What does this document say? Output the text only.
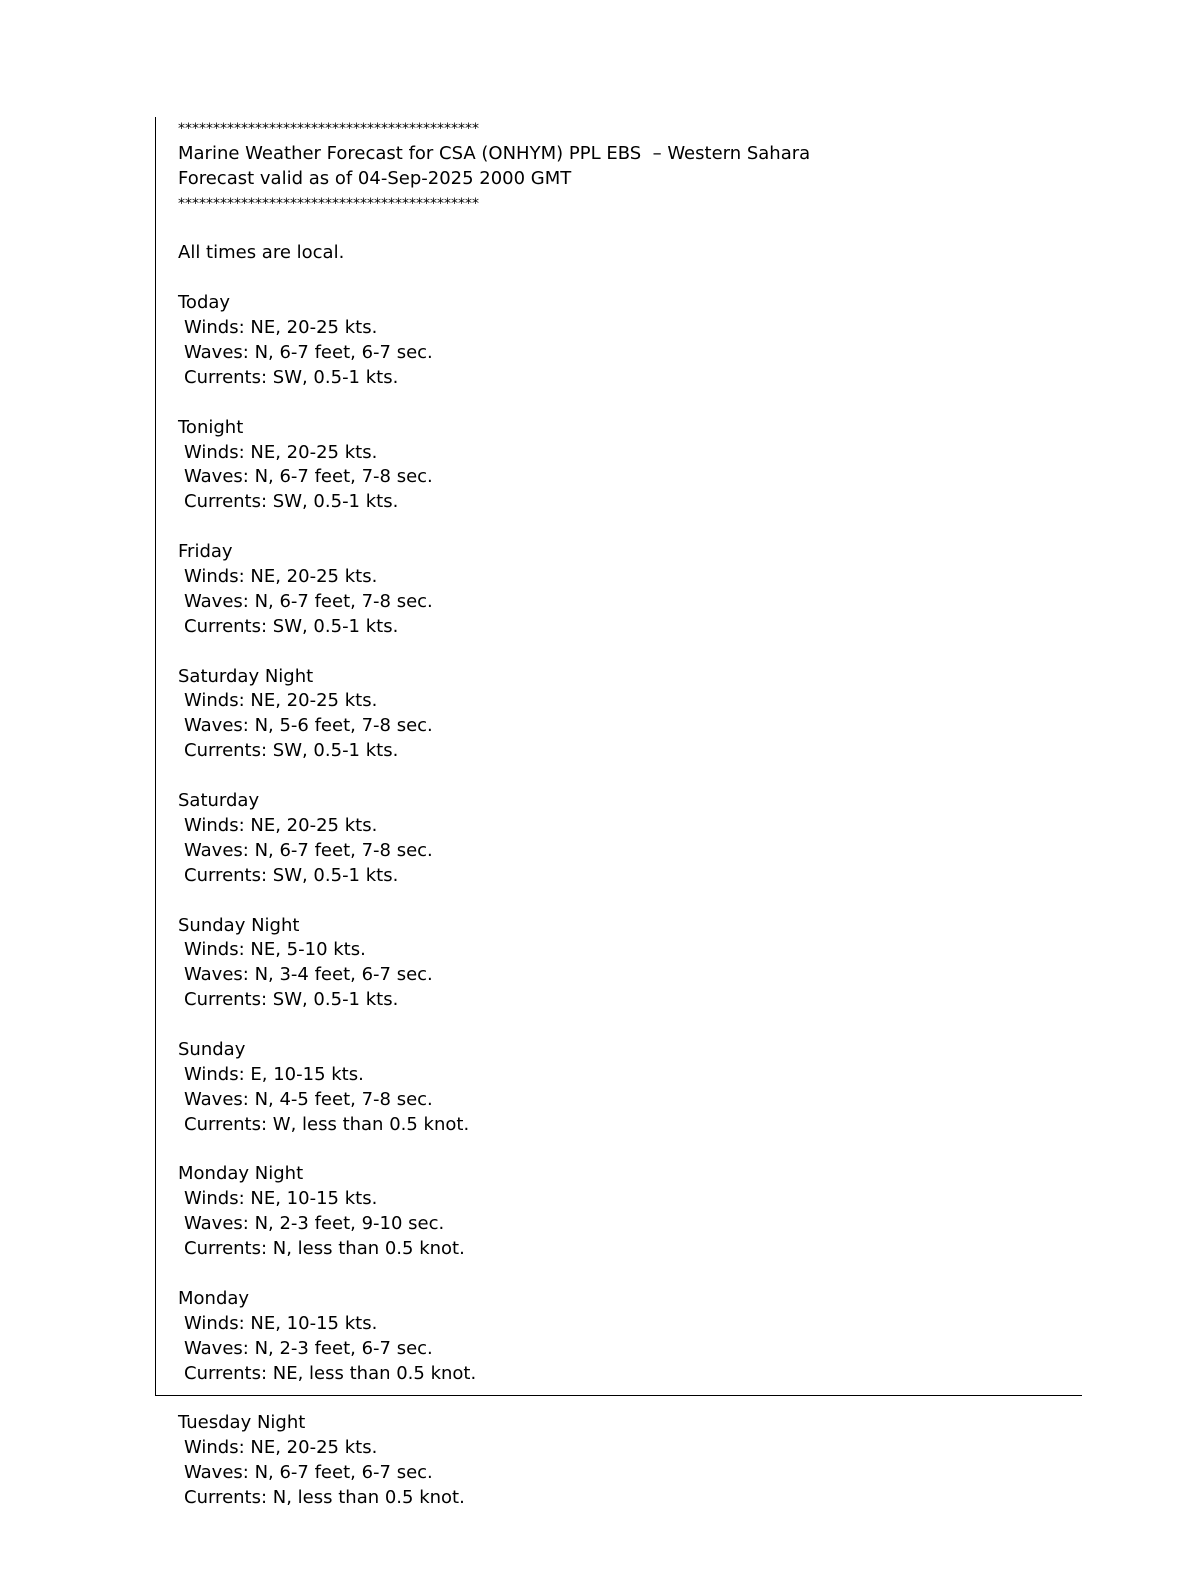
*******************************************
Marine Weather Forecast for CSA (ONHYM) PPL EBS  – Western Sahara
Forecast valid as of 04-Sep-2025 2000 GMT
*******************************************
All times are local.
Today
Winds: NE, 20-25 kts.
Waves: N, 6-7 feet, 6-7 sec.
Currents: SW, 0.5-1 kts.
Tonight
Winds: NE, 20-25 kts.
Waves: N, 6-7 feet, 7-8 sec.
Currents: SW, 0.5-1 kts.
Friday
Winds: NE, 20-25 kts.
Waves: N, 6-7 feet, 7-8 sec.
Currents: SW, 0.5-1 kts.
Saturday Night
Winds: NE, 20-25 kts.
Waves: N, 5-6 feet, 7-8 sec.
Currents: SW, 0.5-1 kts.
Saturday
Winds: NE, 20-25 kts.
Waves: N, 6-7 feet, 7-8 sec.
Currents: SW, 0.5-1 kts.
Sunday Night
Winds: NE, 5-10 kts.
Waves: N, 3-4 feet, 6-7 sec.
Currents: SW, 0.5-1 kts.
Sunday
Winds: E, 10-15 kts.
Waves: N, 4-5 feet, 7-8 sec.
Currents: W, less than 0.5 knot.
Monday Night
Winds: NE, 10-15 kts.
Waves: N, 2-3 feet, 9-10 sec.
Currents: N, less than 0.5 knot.
Monday
Winds: NE, 10-15 kts.
Waves: N, 2-3 feet, 6-7 sec.
Currents: NE, less than 0.5 knot.
Tuesday Night
Winds: NE, 20-25 kts.
Waves: N, 6-7 feet, 6-7 sec.
Currents: N, less than 0.5 knot.
